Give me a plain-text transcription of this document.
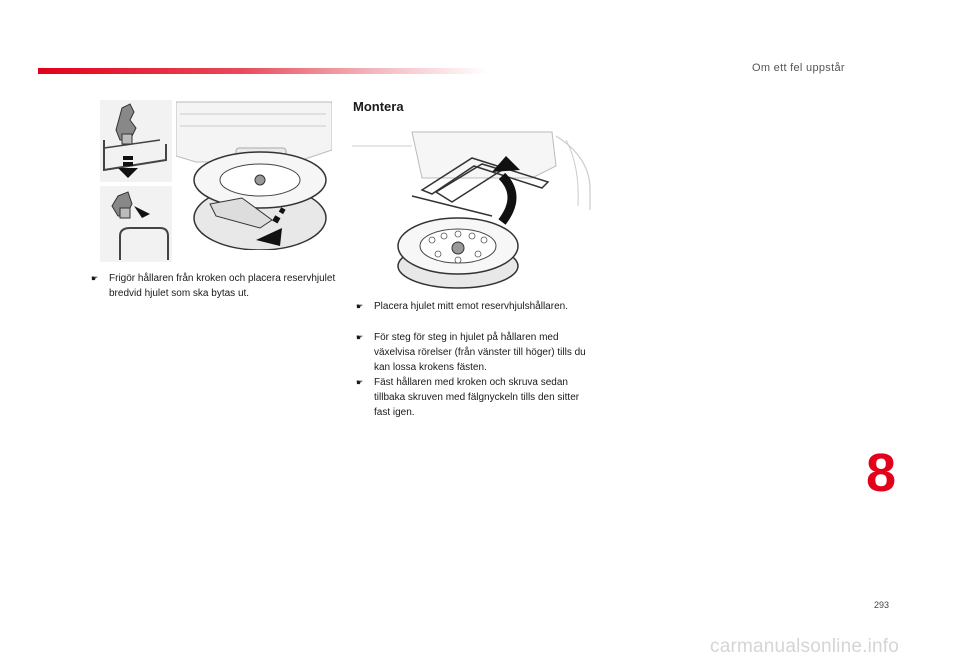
Om ett fel uppstår
☛	Frigör hållaren från kroken och placera reservhjulet bredvid hjulet som ska bytas ut.
Montera
☛	Placera hjulet mitt emot reservhjulshållaren.
☛	För steg för steg in hjulet på hållaren med växelvisa rörelser (från vänster till höger) tills du kan lossa krokens fästen.
☛	Fäst hållaren med kroken och skruva sedan tillbaka skruven med fälgnyckeln tills den sitter fast igen.
8
293
carmanualsonline.info
